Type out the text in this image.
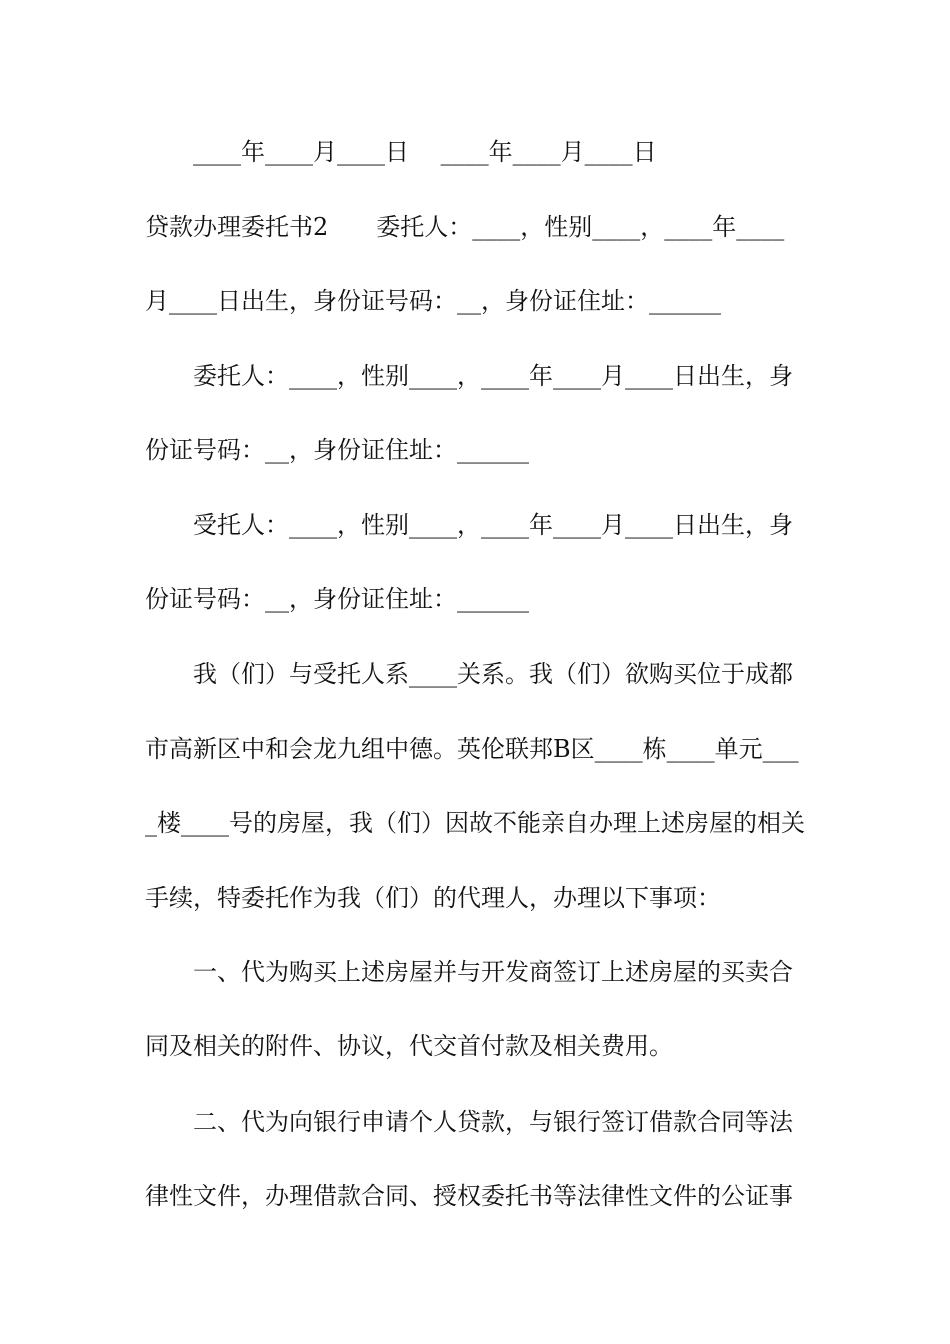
____年____月____日　 ____年____月____日
贷款办理委托书2　　委托人：____，性别____，____年____
月____日出生，身份证号码：__，身份证住址：______
委托人：____，性别____，____年____月____日出生，身
份证号码：__，身份证住址：______
受托人：____，性别____，____年____月____日出生，身
份证号码：__，身份证住址：______
我（们）与受托人系____关系。我（们）欲购买位于成都
市高新区中和会龙九组中德。英伦联邦B区____栋____单元___
_楼____号的房屋，我（们）因故不能亲自办理上述房屋的相关
手续，特委托作为我（们）的代理人，办理以下事项：
一、代为购买上述房屋并与开发商签订上述房屋的买卖合
同及相关的附件、协议，代交首付款及相关费用。
二、代为向银行申请个人贷款，与银行签订借款合同等法
律性文件，办理借款合同、授权委托书等法律性文件的公证事
